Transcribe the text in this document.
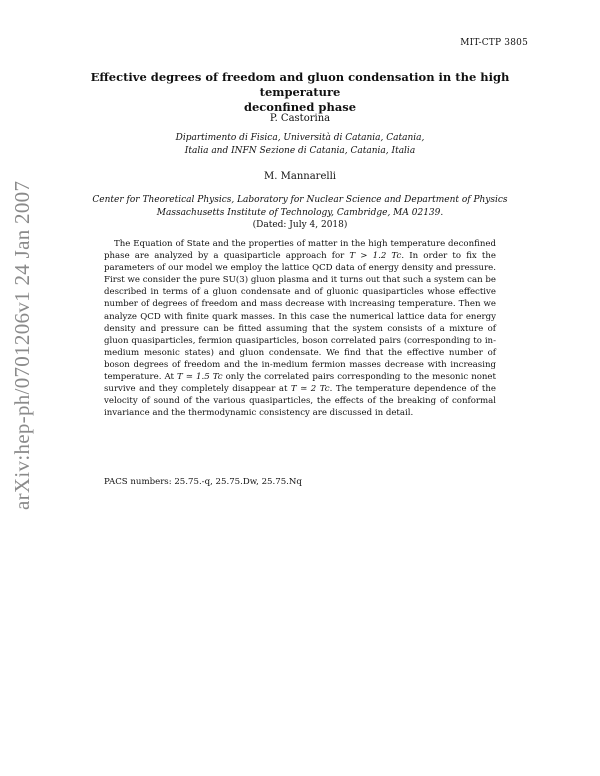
MIT-CTP 3805
arXiv:hep-ph/0701206v1 24 Jan 2007
Effective degrees of freedom and gluon condensation in the high temperature
deconfined phase
P. Castorina
Dipartimento di Fisica, Università di Catania, Catania,
Italia and INFN Sezione di Catania, Catania, Italia
M. Mannarelli
Center for Theoretical Physics, Laboratory for Nuclear Science and Department of Physics
Massachusetts Institute of Technology, Cambridge, MA 02139.
(Dated: July 4, 2018)

The Equation of State and the properties of matter in the high temperature deconfined phase are analyzed by a quasiparticle approach for T > 1.2 Tc. In order to fix the parameters of our model we employ the lattice QCD data of energy density and pressure. First we consider the pure SU(3) gluon plasma and it turns out that such a system can be described in terms of a gluon condensate and of gluonic quasiparticles whose effective number of degrees of freedom and mass decrease with increasing temperature. Then we analyze QCD with finite quark masses. In this case the numerical lattice data for energy density and pressure can be fitted assuming that the system consists of a mixture of gluon quasiparticles, fermion quasiparticles, boson correlated pairs (corresponding to in-medium mesonic states) and gluon condensate. We find that the effective number of boson degrees of freedom and the in-medium fermion masses decrease with increasing temperature. At T ≃ 1.5 Tc only the correlated pairs corresponding to the mesonic nonet survive and they completely disappear at T ≃ 2 Tc. The temperature dependence of the velocity of sound of the various quasiparticles, the effects of the breaking of conformal invariance and the thermodynamic consistency are discussed in detail.

PACS numbers: 25.75.-q, 25.75.Dw, 25.75.Nq
